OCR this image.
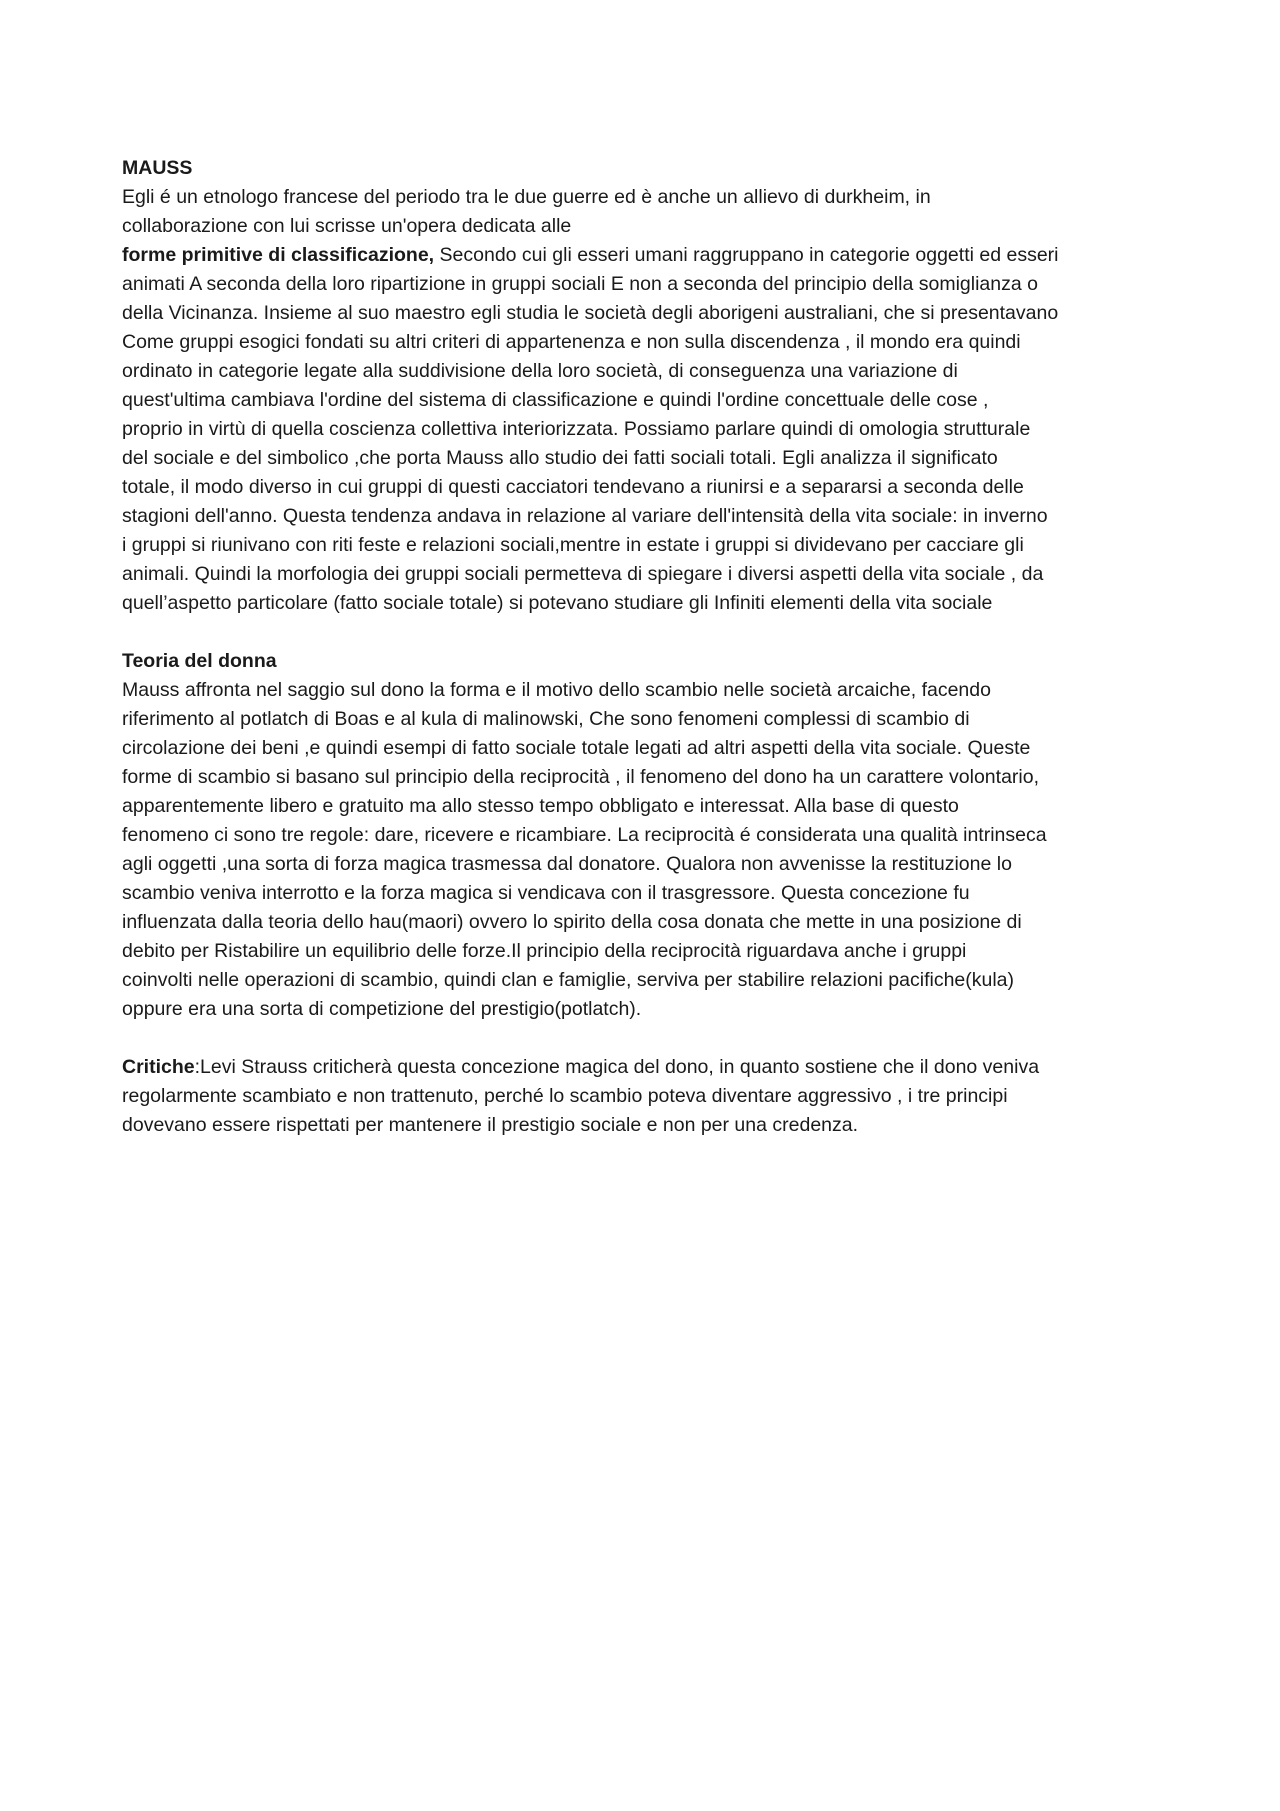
MAUSS
Egli é un etnologo francese del periodo tra le due guerre ed è anche un allievo di durkheim, in
collaborazione con lui scrisse un'opera dedicata alle
forme primitive di classificazione, Secondo cui gli esseri umani raggruppano in categorie oggetti ed esseri
animati A seconda della loro ripartizione in gruppi sociali E non a seconda del principio della somiglianza o
della Vicinanza. Insieme al suo maestro egli studia le società degli aborigeni australiani, che si presentavano
Come gruppi esogici fondati su altri criteri di appartenenza e non sulla discendenza , il mondo era quindi
ordinato in categorie legate alla suddivisione della loro società, di conseguenza una variazione di
quest'ultima cambiava l'ordine del sistema di classificazione e quindi l'ordine concettuale delle cose ,
proprio in virtù di quella coscienza collettiva interiorizzata. Possiamo parlare quindi di omologia strutturale
del sociale e del simbolico ,che porta Mauss allo studio dei fatti sociali totali. Egli analizza il significato
totale, il modo diverso in cui gruppi di questi cacciatori tendevano a riunirsi e a separarsi a seconda delle
stagioni dell'anno. Questa tendenza andava in relazione al variare dell'intensità della vita sociale: in inverno
i gruppi si riunivano con riti feste e relazioni sociali,mentre in estate i gruppi si dividevano per cacciare gli
animali. Quindi la morfologia dei gruppi sociali permetteva di spiegare i diversi aspetti della vita sociale , da
quell’aspetto particolare (fatto sociale totale) si potevano studiare gli Infiniti elementi della vita sociale
Teoria del donna
Mauss affronta nel saggio sul dono la forma e il motivo dello scambio nelle società arcaiche, facendo
riferimento al potlatch di Boas e al kula di malinowski, Che sono fenomeni complessi di scambio di
circolazione dei beni ,e quindi esempi di fatto sociale totale legati ad altri aspetti della vita sociale. Queste
forme di scambio si basano sul principio della reciprocità , il fenomeno del dono ha un carattere volontario,
apparentemente libero e gratuito ma allo stesso tempo obbligato e interessat. Alla base di questo
fenomeno ci sono tre regole: dare, ricevere e ricambiare. La reciprocità é considerata una qualità intrinseca
agli oggetti ,una sorta di forza magica trasmessa dal donatore. Qualora non avvenisse la restituzione lo
scambio veniva interrotto e la forza magica si vendicava con il trasgressore. Questa concezione fu
influenzata dalla teoria dello hau(maori) ovvero lo spirito della cosa donata che mette in una posizione di
debito per Ristabilire un equilibrio delle forze.Il principio della reciprocità riguardava anche i gruppi
coinvolti nelle operazioni di scambio, quindi clan e famiglie, serviva per stabilire relazioni pacifiche(kula)
oppure era una sorta di competizione del prestigio(potlatch).
Critiche:Levi Strauss criticherà questa concezione magica del dono, in quanto sostiene che il dono veniva
regolarmente scambiato e non trattenuto, perché lo scambio poteva diventare aggressivo , i tre principi
dovevano essere rispettati per mantenere il prestigio sociale e non per una credenza.
